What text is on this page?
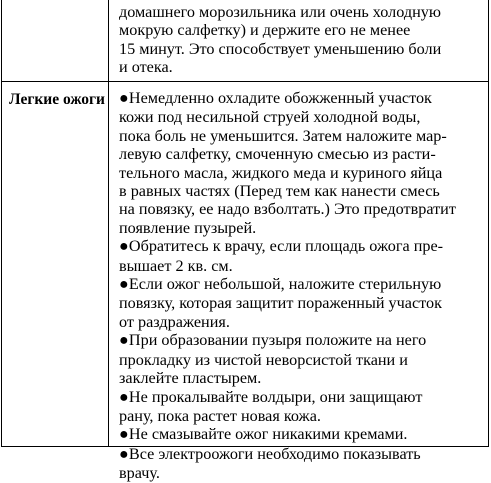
домашнего морозильника или очень холодную
мокрую салфетку) и держите его не менее
15 минут. Это способствует уменьшению боли
и отека.
Легкие ожоги ●Немедленно охладите обожженный участок
кожи под несильной струей холодной воды,
пока боль не уменьшится. Затем наложите мар-
левую салфетку, смоченную смесью из расти-
тельного масла, жидкого меда и куриного яйца
в равных частях (Перед тем как нанести смесь
на повязку, ее надо взболтать.) Это предотвратит
появление пузырей.
●Обратитесь к врачу, если площадь ожога пре-
вышает 2 кв. см.
●Если ожог небольшой, наложите стерильную
повязку, которая защитит пораженный участок
от раздражения.
●При образовании пузыря положите на него
прокладку из чистой неворсистой ткани и
заклейте пластырем.
●Не прокалывайте волдыри, они защищают
рану, пока растет новая кожа.
●Не смазывайте ожог никакими кремами.
●Все электроожоги необходимо показывать
врачу.
